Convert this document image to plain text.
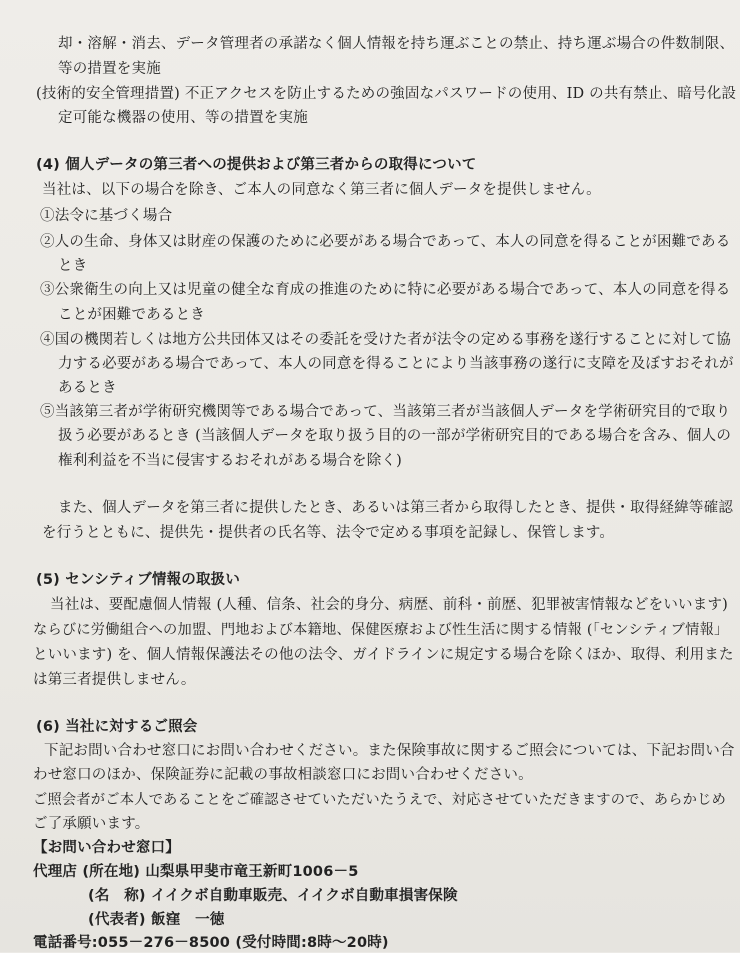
却・溶解・消去、データ管理者の承諾なく個人情報を持ち運ぶことの禁止、持ち運ぶ場合の件数制限、
等の措置を実施
(技術的安全管理措置) 不正アクセスを防止するための強固なパスワードの使用、ID の共有禁止、暗号化設
定可能な機器の使用、等の措置を実施
(4) 個人データの第三者への提供および第三者からの取得について
当社は、以下の場合を除き、ご本人の同意なく第三者に個人データを提供しません。
①法令に基づく場合
②人の生命、身体又は財産の保護のために必要がある場合であって、本人の同意を得ることが困難である
とき
③公衆衛生の向上又は児童の健全な育成の推進のために特に必要がある場合であって、本人の同意を得る
ことが困難であるとき
④国の機関若しくは地方公共団体又はその委託を受けた者が法令の定める事務を遂行することに対して協
力する必要がある場合であって、本人の同意を得ることにより当該事務の遂行に支障を及ぼすおそれが
あるとき
⑤当該第三者が学術研究機関等である場合であって、当該第三者が当該個人データを学術研究目的で取り
扱う必要があるとき (当該個人データを取り扱う目的の一部が学術研究目的である場合を含み、個人の
権利利益を不当に侵害するおそれがある場合を除く)
また、個人データを第三者に提供したとき、あるいは第三者から取得したとき、提供・取得経緯等確認
を行うとともに、提供先・提供者の氏名等、法令で定める事項を記録し、保管します。
(5) センシティブ情報の取扱い
当社は、要配慮個人情報 (人種、信条、社会的身分、病歴、前科・前歴、犯罪被害情報などをいいます)
ならびに労働組合への加盟、門地および本籍地、保健医療および性生活に関する情報 (「センシティブ情報」
といいます) を、個人情報保護法その他の法令、ガイドラインに規定する場合を除くほか、取得、利用また
は第三者提供しません。
(6) 当社に対するご照会
下記お問い合わせ窓口にお問い合わせください。また保険事故に関するご照会については、下記お問い合
わせ窓口のほか、保険証券に記載の事故相談窓口にお問い合わせください。
ご照会者がご本人であることをご確認させていただいたうえで、対応させていただきますので、あらかじめ
ご了承願います。
【お問い合わせ窓口】
代理店 (所在地) 山梨県甲斐市竜王新町1006－5
(名　称) イイクボ自動車販売、イイクボ自動車損害保険
(代表者) 飯窪　一徳
電話番号:055－276－8500 (受付時間:8時～20時)
